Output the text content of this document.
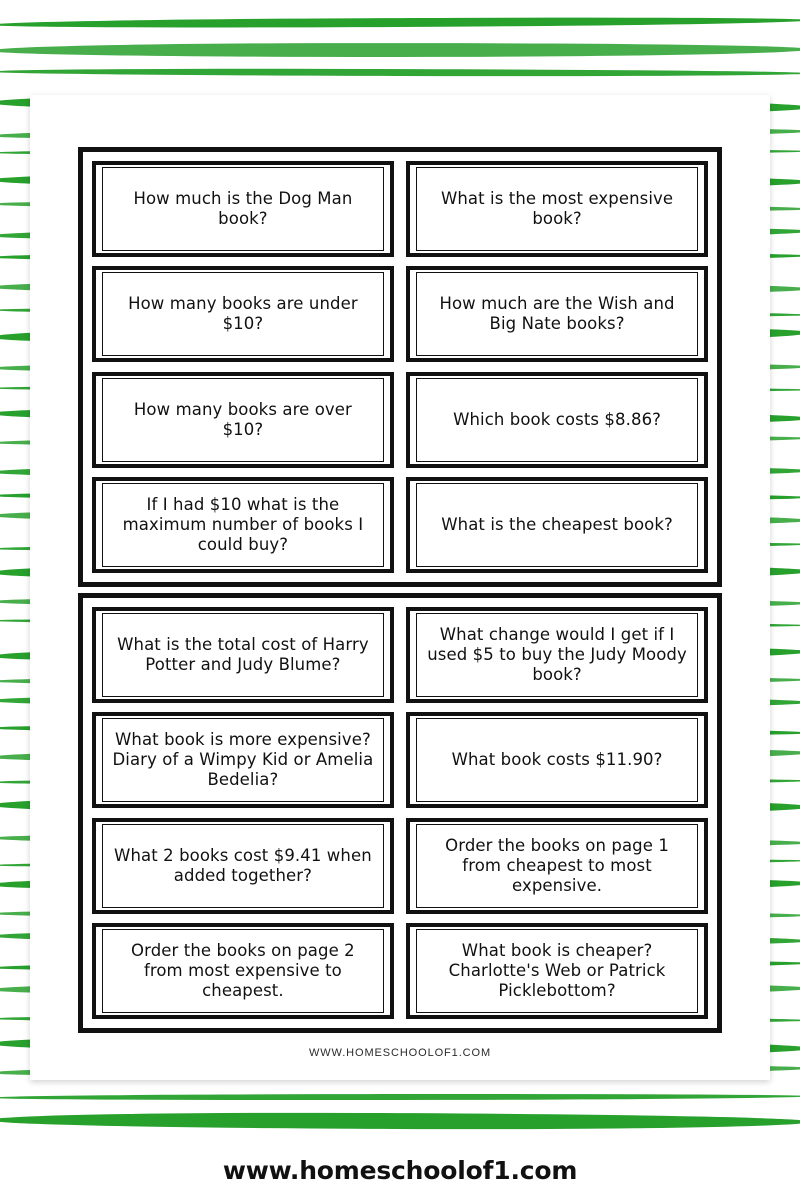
How much is the Dog Man book?
What is the most expensive book?
How many books are under $10?
How much are the Wish and Big Nate books?
How many books are over $10?
Which book costs $8.86?
If I had $10 what is the maximum number of books I could buy?
What is the cheapest book?
What is the total cost of Harry Potter and Judy Blume?
What change would I get if I used $5 to buy the Judy Moody book?
What book is more expensive? Diary of a Wimpy Kid or Amelia Bedelia?
What book costs $11.90?
What 2 books cost $9.41 when added together?
Order the books on page 1 from cheapest to most expensive.
Order the books on page 2 from most expensive to cheapest.
What book is cheaper? Charlotte's Web or Patrick Picklebottom?
WWW.HOMESCHOOLOF1.COM
www.homeschoolof1.com
